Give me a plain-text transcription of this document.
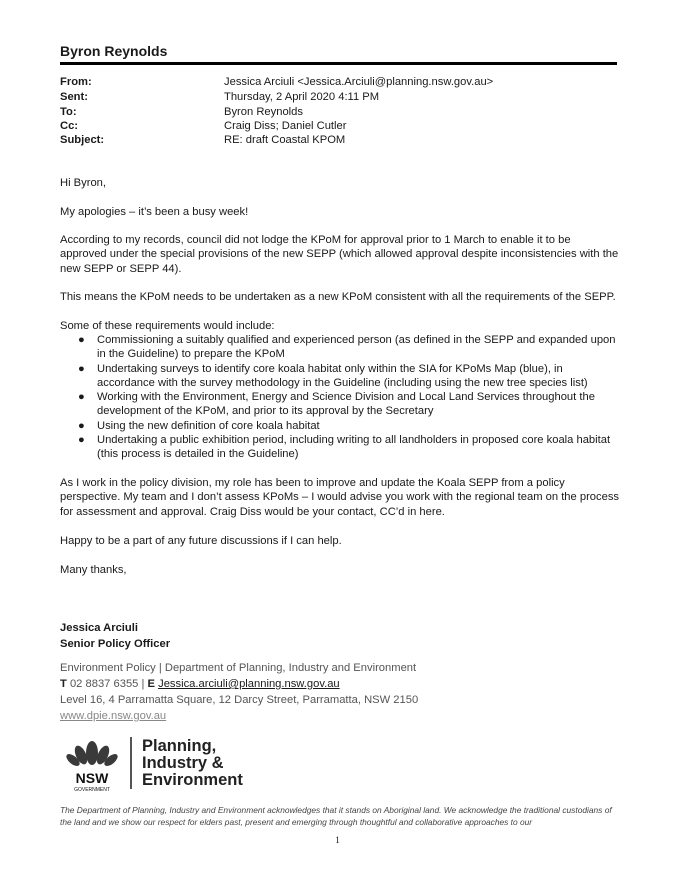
Byron Reynolds
From:	Jessica Arciuli <Jessica.Arciuli@planning.nsw.gov.au>
Sent:	Thursday, 2 April 2020 4:11 PM
To:	Byron Reynolds
Cc:	Craig Diss; Daniel Cutler
Subject:	RE: draft Coastal KPOM

Hi Byron,

My apologies – it’s been a busy week!

According to my records, council did not lodge the KPoM for approval prior to 1 March to enable it to be approved under the special provisions of the new SEPP (which allowed approval despite inconsistencies with the new SEPP or SEPP 44).

This means the KPoM needs to be undertaken as a new KPoM consistent with all the requirements of the SEPP.

Some of these requirements would include:

● Commissioning a suitably qualified and experienced person (as defined in the SEPP and expanded upon in the Guideline) to prepare the KPoM
● Undertaking surveys to identify core koala habitat only within the SIA for KPoMs Map (blue), in accordance with the survey methodology in the Guideline (including using the new tree species list)
● Working with the Environment, Energy and Science Division and Local Land Services throughout the development of the KPoM, and prior to its approval by the Secretary
● Using the new definition of core koala habitat
● Undertaking a public exhibition period, including writing to all landholders in proposed core koala habitat (this process is detailed in the Guideline)

As I work in the policy division, my role has been to improve and update the Koala SEPP from a policy perspective. My team and I don’t assess KPoMs – I would advise you work with the regional team on the process for assessment and approval. Craig Diss would be your contact, CC’d in here.

Happy to be a part of any future discussions if I can help.

Many thanks,

Jessica Arciuli
Senior Policy Officer
Environment Policy | Department of Planning, Industry and Environment
T 02 8837 6355 | E Jessica.arciuli@planning.nsw.gov.au
Level 16, 4 Parramatta Square, 12 Darcy Street, Parramatta, NSW 2150
www.dpie.nsw.gov.au
NSW
GOVERNMENT
Planning,
Industry &
Environment
The Department of Planning, Industry and Environment acknowledges that it stands on Aboriginal land. We acknowledge the traditional custodians of the land and we show our respect for elders past, present and emerging through thoughtful and collaborative approaches to our
1
